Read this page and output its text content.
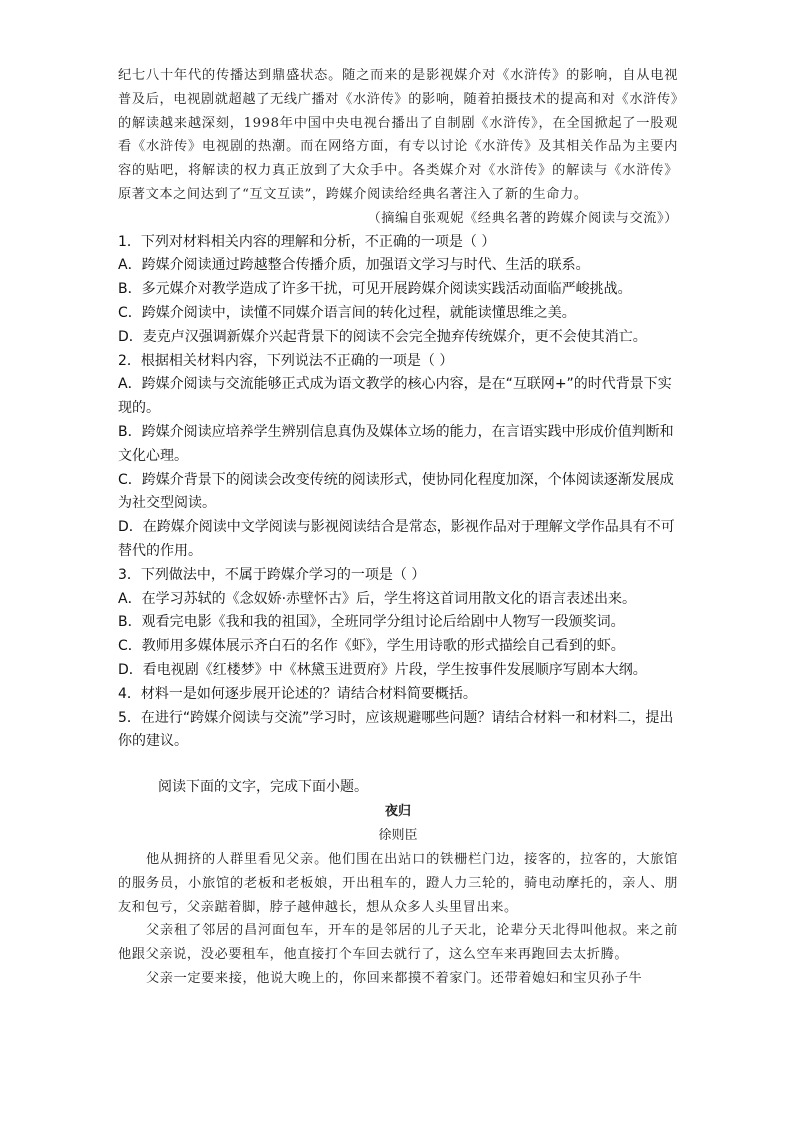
纪七八十年代的传播达到鼎盛状态。随之而来的是影视媒介对《水浒传》的影响，自从电视普及后，电视剧就超越了无线广播对《水浒传》的影响，随着拍摄技术的提高和对《水浒传》的解读越来越深刻，1998年中国中央电视台播出了自制剧《水浒传》，在全国掀起了一股观看《水浒传》电视剧的热潮。而在网络方面，有专以讨论《水浒传》及其相关作品为主要内容的贴吧，将解读的权力真正放到了大众手中。各类媒介对《水浒传》的解读与《水浒传》原著文本之间达到了“互文互读”，跨媒介阅读给经典名著注入了新的生命力。

（摘编自张观妮《经典名著的跨媒介阅读与交流》）

1．下列对材料相关内容的理解和分析，不正确的一项是（ ）

A．跨媒介阅读通过跨越整合传播介质，加强语文学习与时代、生活的联系。

B．多元媒介对教学造成了许多干扰，可见开展跨媒介阅读实践活动面临严峻挑战。

C．跨媒介阅读中，读懂不同媒介语言间的转化过程，就能读懂思维之美。

D．麦克卢汉强调新媒介兴起背景下的阅读不会完全抛弃传统媒介，更不会使其消亡。

2．根据相关材料内容，下列说法不正确的一项是（ ）

A．跨媒介阅读与交流能够正式成为语文教学的核心内容，是在“互联网+”的时代背景下实现的。

B．跨媒介阅读应培养学生辨别信息真伪及媒体立场的能力，在言语实践中形成价值判断和文化心理。

C．跨媒介背景下的阅读会改变传统的阅读形式，使协同化程度加深，个体阅读逐渐发展成为社交型阅读。

D．在跨媒介阅读中文学阅读与影视阅读结合是常态，影视作品对于理解文学作品具有不可替代的作用。

3．下列做法中，不属于跨媒介学习的一项是（ ）

A．在学习苏轼的《念奴娇·赤壁怀古》后，学生将这首词用散文化的语言表述出来。

B．观看完电影《我和我的祖国》，全班同学分组讨论后给剧中人物写一段颁奖词。

C．教师用多媒体展示齐白石的名作《虾》，学生用诗歌的形式描绘自己看到的虾。

D．看电视剧《红楼梦》中《林黛玉进贾府》片段，学生按事件发展顺序写剧本大纲。

4．材料一是如何逐步展开论述的？请结合材料简要概括。

5．在进行“跨媒介阅读与交流”学习时，应该规避哪些问题？请结合材料一和材料二，提出你的建议。

阅读下面的文字，完成下面小题。

夜归

徐则臣

他从拥挤的人群里看见父亲。他们围在出站口的铁栅栏门边，接客的，拉客的，大旅馆的服务员，小旅馆的老板和老板娘，开出租车的，蹬人力三轮的，骑电动摩托的，亲人、朋友和包亏，父亲踮着脚，脖子越伸越长，想从众多人头里冒出来。

父亲租了邻居的昌河面包车，开车的是邻居的儿子天北，论辈分天北得叫他叔。来之前他跟父亲说，没必要租车，他直接打个车回去就行了，这么空车来再跑回去太折腾。

父亲一定要来接，他说大晚上的，你回来都摸不着家门。还带着媳妇和宝贝孙子牛
